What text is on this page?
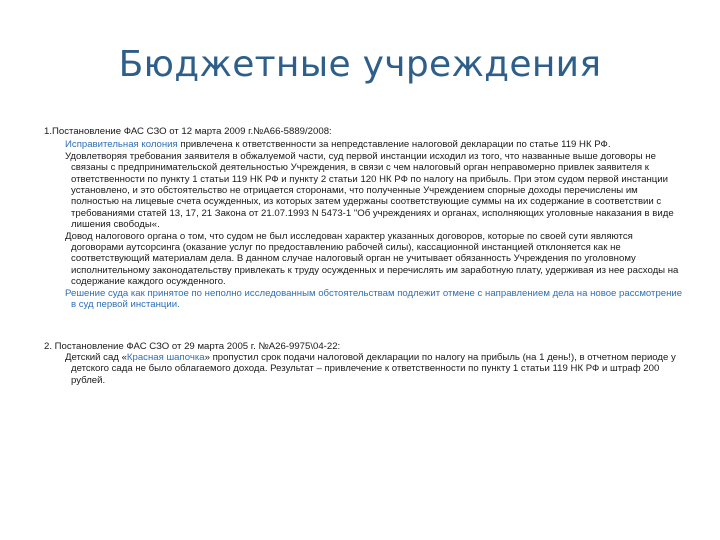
Бюджетные учреждения

1.Постановление ФАС СЗО от 12 марта 2009 г.№А66-5889/2008:

Исправительная колония привлечена к ответственности за непредставление налоговой декларации по статье 119 НК РФ.

Удовлетворяя требования заявителя в обжалуемой части, суд первой инстанции исходил из того, что названные выше договоры не связаны с предпринимательской деятельностью Учреждения, в связи с чем налоговый орган неправомерно привлек заявителя к ответственности по пункту 1 статьи 119 НК РФ и пункту 2 статьи 120 НК РФ по налогу на прибыль. При этом судом первой инстанции установлено, и это обстоятельство не отрицается сторонами, что полученные Учреждением спорные доходы перечислены им полностью на лицевые счета осужденных, из которых затем удержаны соответствующие суммы на их содержание в соответствии с требованиями статей 13, 17, 21 Закона от 21.07.1993 N 5473-1 "Об учреждениях и органах, исполняющих уголовные наказания в виде лишения свободы«.

Довод налогового органа о том, что судом не был исследован характер указанных договоров, которые по своей сути являются договорами аутсорсинга (оказание услуг по предоставлению рабочей силы), кассационной инстанцией отклоняется как не соответствующий материалам дела. В данном случае налоговый орган не учитывает обязанность Учреждения по уголовному исполнительному законодательству привлекать к труду осужденных и перечислять им заработную плату, удерживая из нее расходы на содержание каждого осужденного.

Решение суда как принятое по неполно исследованным обстоятельствам подлежит отмене с направлением дела на новое рассмотрение в суд первой инстанции.

2. Постановление ФАС СЗО от 29 марта 2005 г. №А26-9975\04-22:

Детский сад «Красная шапочка» пропустил срок подачи налоговой декларации по налогу на прибыль (на 1 день!), в отчетном периоде у детского сада не было облагаемого дохода. Результат – привлечение к ответственности по пункту 1 статьи 119 НК РФ и штраф 200 рублей.
